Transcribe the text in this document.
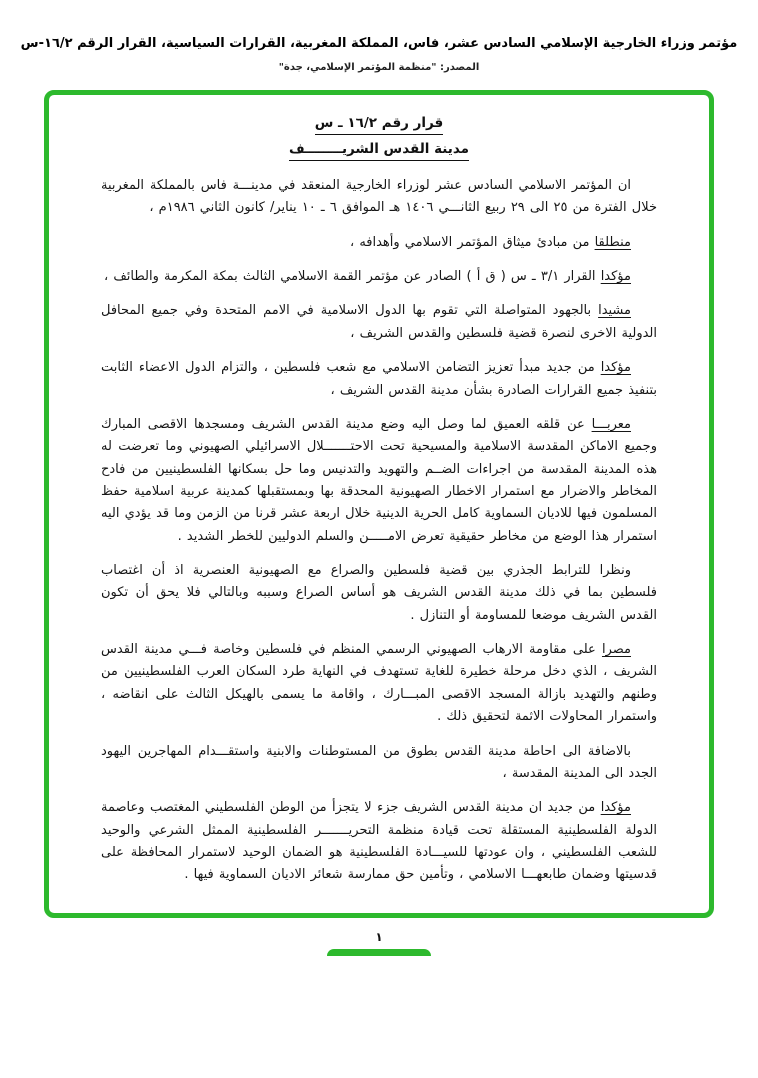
مؤتمر وزراء الخارجية الإسلامي السادس عشر، فاس، المملكة المغربية، القرارات السياسية، القرار الرقم ١٦/٢-س
المصدر: "منظمة المؤتمر الإسلامي، جدة"
قرار رقم ١٦/٢ ـ س
مدينة القدس الشريــــــــف

ان المؤتمر الاسلامي السادس عشر لوزراء الخارجية المنعقد في مدينـــة فاس بالمملكة المغربية خلال الفترة من ٢٥ الى ٢٩ ربيع الثانـــي ١٤٠٦ هـ الموافق ٦ ـ ١٠ يناير/ كانون الثاني ١٩٨٦م ،

منطلقا من مبادئ ميثاق المؤتمر الاسلامي وأهدافه ،

مؤكدا القرار ٣/١ ـ س ( ق أ ) الصادر عن مؤتمر القمة الاسلامي الثالث بمكة المكرمة والطائف ،

مشيدا بالجهود المتواصلة التي تقوم بها الدول الاسلامية في الامم المتحدة وفي جميع المحافل الدولية الاخرى لنصرة قضية فلسطين والقدس الشريف ،

مؤكدا من جديد مبدأ تعزيز التضامن الاسلامي مع شعب فلسطين ، والتزام الدول الاعضاء الثابت بتنفيذ جميع القرارات الصادرة بشأن مدينة القدس الشريف ،

معربـــا عن قلقه العميق لما وصل اليه وضع مدينة القدس الشريف ومسجدها الاقصى المبارك وجميع الاماكن المقدسة الاسلامية والمسيحية تحت الاحتـــــــلال الاسرائيلي الصهيوني وما تعرضت له هذه المدينة المقدسة من اجراءات الضــم والتهويد والتدنيس وما حل بسكانها الفلسطينيين من فادح المخاطر والاضرار مع استمرار الاخطار الصهيونية المحدقة بها وبمستقبلها كمدينة عربية اسلامية حفظ المسلمون فيها للاديان السماوية كامل الحرية الدينية خلال اربعة عشر قرنا من الزمن وما قد يؤدي اليه استمرار هذا الوضع من مخاطر حقيقية تعرض الامـــــن والسلم الدوليين للخطر الشديد .

ونظرا للترابط الجذري بين قضية فلسطين والصراع مع الصهيونية العنصرية اذ أن اغتصاب فلسطين بما في ذلك مدينة القدس الشريف هو أساس الصراع وسببه وبالتالي فلا يحق أن تكون القدس الشريف موضعا للمساومة أو التنازل .

مصرا على مقاومة الارهاب الصهيوني الرسمي المنظم في فلسطين وخاصة فـــي مدينة القدس الشريف ، الذي دخل مرحلة خطيرة للغاية تستهدف في النهاية طرد السكان العرب الفلسطينيين من وطنهم والتهديد بازالة المسجد الاقصى المبـــارك ، واقامة ما يسمى بالهيكل الثالث على انقاضه ، واستمرار المحاولات الاثمة لتحقيق ذلك .

بالاضافة الى احاطة مدينة القدس بطوق من المستوطنات والابنية واستقـــدام المهاجرين اليهود الجدد الى المدينة المقدسة ،

مؤكدا من جديد ان مدينة القدس الشريف جزء لا يتجزأ من الوطن الفلسطيني المغتصب وعاصمة الدولة الفلسطينية المستقلة تحت قيادة منظمة التحريـــــــر الفلسطينية الممثل الشرعي والوحيد للشعب الفلسطيني ، وان عودتها للسيـــادة الفلسطينية هو الضمان الوحيد لاستمرار المحافظة على قدسيتها وضمان طابعهـــا الاسلامي ، وتأمين حق ممارسة شعائر الاديان السماوية فيها .

١
